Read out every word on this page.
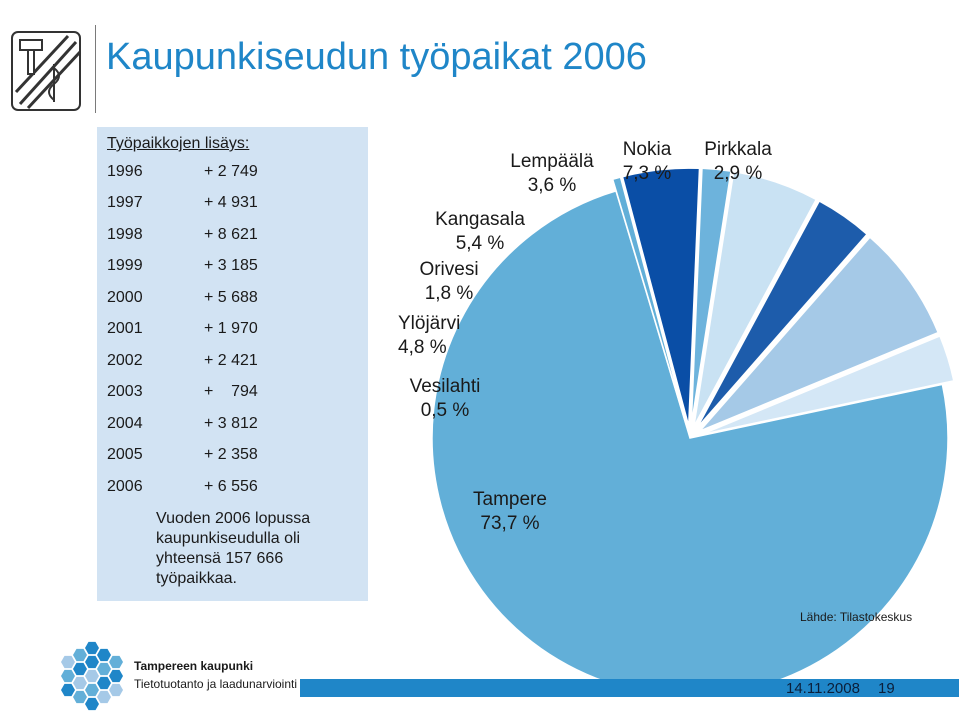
Kaupunkiseudun työpaikat 2006
Työpaikkojen lisäys:
1996	+ 2 749
1997	+ 4 931
1998	+ 8 621
1999	+ 3 185
2000	+ 5 688
2001	+ 1 970
2002	+ 2 421
2003	+    794
2004	+ 3 812
2005	+ 2 358
2006	+ 6 556
Vuoden 2006 lopussa kaupunkiseudulla oli yhteensä 157 666 työpaikkaa.
Tampere
73,7 %
Vesilahti
0,5 %
Ylöjärvi
4,8 %
Orivesi
1,8 %
Kangasala
5,4 %
Lempäälä
3,6 %
Nokia
7,3 %
Pirkkala
2,9 %
Lähde: Tilastokeskus
Tampereen kaupunki
Tietotuotanto ja laadunarviointi	14.11.2008 19
